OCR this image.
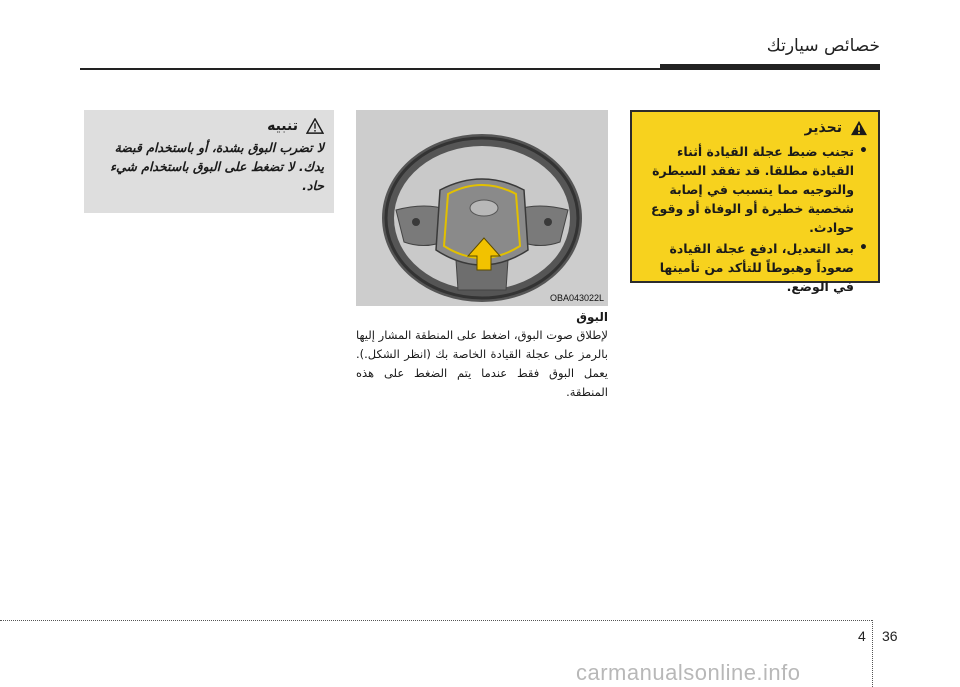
خصائص سيارتك
تحذير
• تجنب ضبط عجلة القيادة أثناء القيادة مطلقا. قد تفقد السيطرة والتوجيه مما يتسبب في إصابة شخصية خطيرة أو الوفاة أو وقوع حوادث.
• بعد التعديل، ادفع عجلة القيادة صعوداً وهبوطاً للتأكد من تأمينها في الوضع.
OBA043022L
البوق
لإطلاق صوت البوق، اضغط على المنطقة المشار إليها بالرمز على عجلة القيادة الخاصة بك (انظر الشكل.). يعمل البوق فقط عندما يتم الضغط على هذه المنطقة.
تنبيه
لا تضرب البوق بشدة، أو باستخدام قبضة يدك. لا تضغط على البوق باستخدام شيء حاد.
4 36
carmanualsonline.info
